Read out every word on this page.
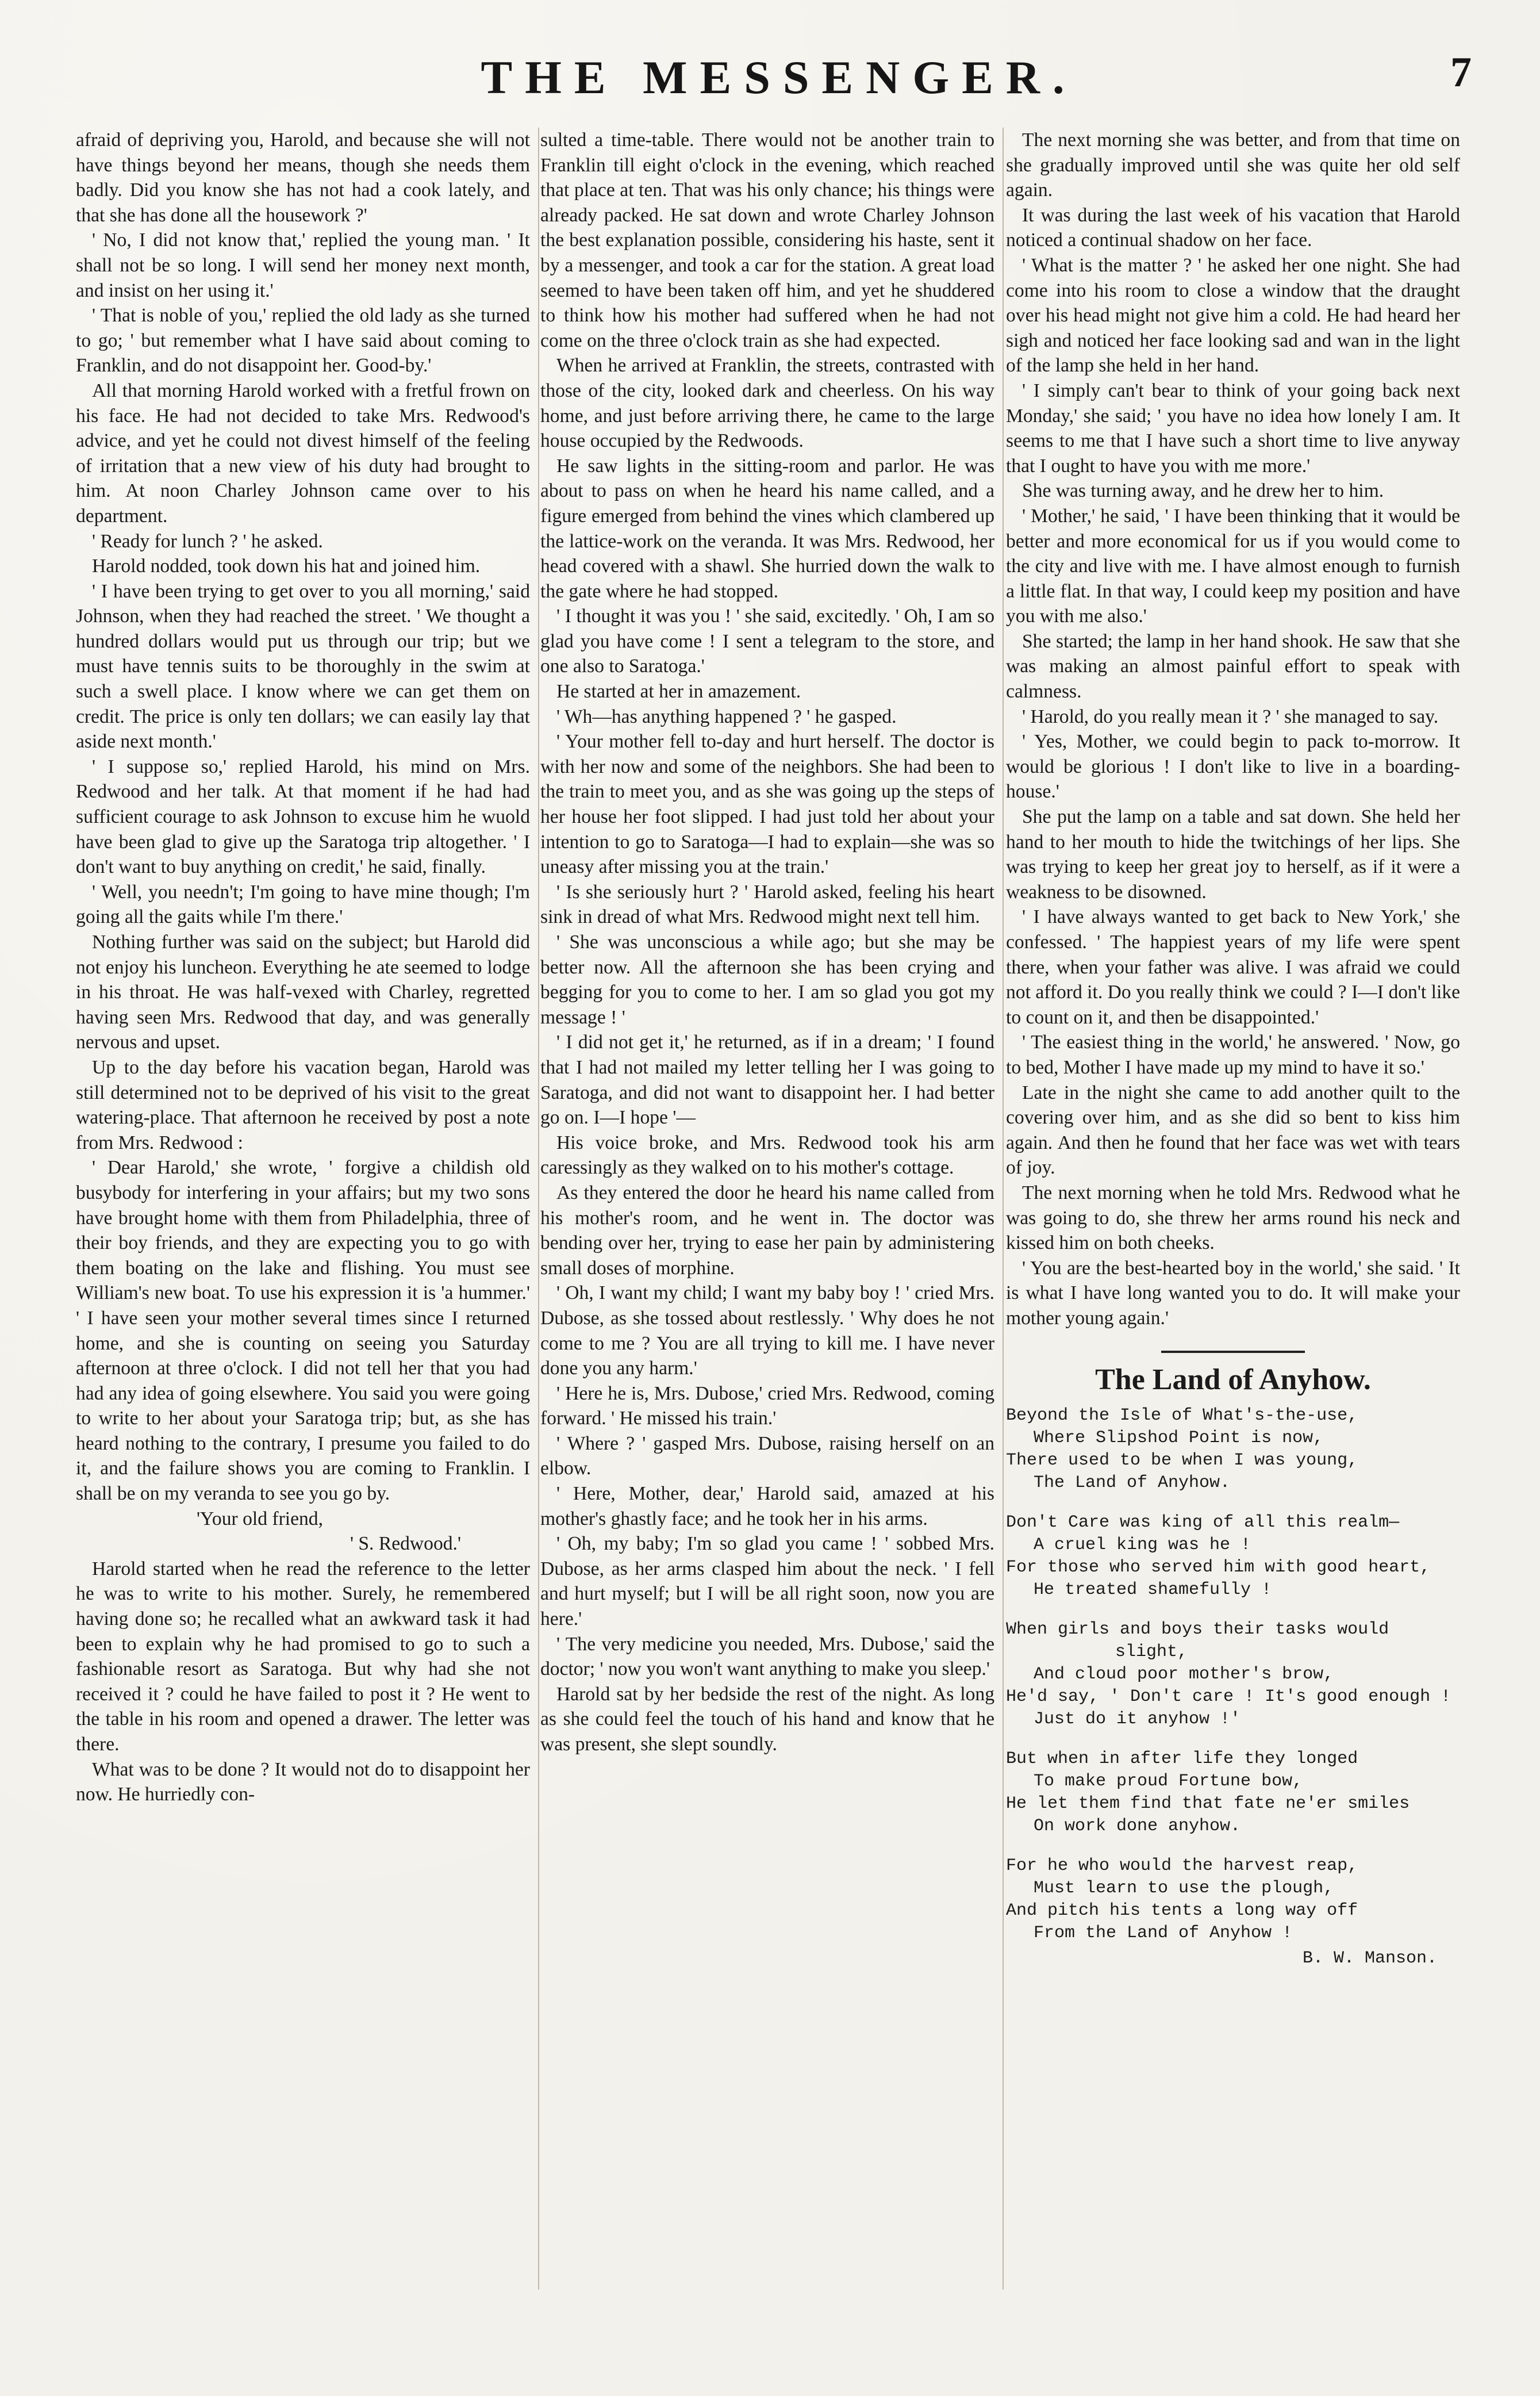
THE MESSENGER.	7

afraid of depriving you, Harold, and because she will not have things beyond her means, though she needs them badly. Did you know she has not had a cook lately, and that she has done all the housework ?'

' No, I did not know that,' replied the young man. ' It shall not be so long. I will send her money next month, and insist on her using it.'

' That is noble of you,' replied the old lady as she turned to go; ' but remember what I have said about coming to Franklin, and do not disappoint her. Good-by.'

All that morning Harold worked with a fretful frown on his face. He had not decided to take Mrs. Redwood's advice, and yet he could not divest himself of the feeling of irritation that a new view of his duty had brought to him. At noon Charley Johnson came over to his department.

' Ready for lunch ? ' he asked.

Harold nodded, took down his hat and joined him.

' I have been trying to get over to you all morning,' said Johnson, when they had reached the street. ' We thought a hundred dollars would put us through our trip; but we must have tennis suits to be thoroughly in the swim at such a swell place. I know where we can get them on credit. The price is only ten dollars; we can easily lay that aside next month.'

' I suppose so,' replied Harold, his mind on Mrs. Redwood and her talk. At that moment if he had had sufficient courage to ask Johnson to excuse him he wuold have been glad to give up the Saratoga trip altogether. ' I don't want to buy anything on credit,' he said, finally.

' Well, you needn't; I'm going to have mine though; I'm going all the gaits while I'm there.'

Nothing further was said on the subject; but Harold did not enjoy his luncheon. Everything he ate seemed to lodge in his throat. He was half-vexed with Charley, regretted having seen Mrs. Redwood that day, and was generally nervous and upset.

Up to the day before his vacation began, Harold was still determined not to be deprived of his visit to the great watering-place. That afternoon he received by post a note from Mrs. Redwood :

' Dear Harold,' she wrote, ' forgive a childish old busybody for interfering in your affairs; but my two sons have brought home with them from Philadelphia, three of their boy friends, and they are expecting you to go with them boating on the lake and flishing. You must see William's new boat. To use his expression it is 'a hummer.' ' I have seen your mother several times since I returned home, and she is counting on seeing you Saturday afternoon at three o'clock. I did not tell her that you had had any idea of going elsewhere. You said you were going to write to her about your Saratoga trip; but, as she has heard nothing to the contrary, I presume you failed to do it, and the failure shows you are coming to Franklin. I shall be on my veranda to see you go by.

'Your old friend,

' S. Redwood.'

Harold started when he read the reference to the letter he was to write to his mother. Surely, he remembered having done so; he recalled what an awkward task it had been to explain why he had promised to go to such a fashionable resort as Saratoga. But why had she not received it ? could he have failed to post it ? He went to the table in his room and opened a drawer. The letter was there.

What was to be done ? It would not do to disappoint her now. He hurriedly con-

sulted a time-table. There would not be another train to Franklin till eight o'clock in the evening, which reached that place at ten. That was his only chance; his things were already packed. He sat down and wrote Charley Johnson the best explanation possible, considering his haste, sent it by a messenger, and took a car for the station. A great load seemed to have been taken off him, and yet he shuddered to think how his mother had suffered when he had not come on the three o'clock train as she had expected.

When he arrived at Franklin, the streets, contrasted with those of the city, looked dark and cheerless. On his way home, and just before arriving there, he came to the large house occupied by the Redwoods.

He saw lights in the sitting-room and parlor. He was about to pass on when he heard his name called, and a figure emerged from behind the vines which clambered up the lattice-work on the veranda. It was Mrs. Redwood, her head covered with a shawl. She hurried down the walk to the gate where he had stopped.

' I thought it was you ! ' she said, excitedly. ' Oh, I am so glad you have come ! I sent a telegram to the store, and one also to Saratoga.'

He started at her in amazement.

' Wh—has anything happened ? ' he gasped.

' Your mother fell to-day and hurt herself. The doctor is with her now and some of the neighbors. She had been to the train to meet you, and as she was going up the steps of her house her foot slipped. I had just told her about your intention to go to Saratoga—I had to explain—she was so uneasy after missing you at the train.'

' Is she seriously hurt ? ' Harold asked, feeling his heart sink in dread of what Mrs. Redwood might next tell him.

' She was unconscious a while ago; but she may be better now. All the afternoon she has been crying and begging for you to come to her. I am so glad you got my message ! '

' I did not get it,' he returned, as if in a dream; ' I found that I had not mailed my letter telling her I was going to Saratoga, and did not want to disappoint her. I had better go on. I—I hope '—

His voice broke, and Mrs. Redwood took his arm caressingly as they walked on to his mother's cottage.

As they entered the door he heard his name called from his mother's room, and he went in. The doctor was bending over her, trying to ease her pain by administering small doses of morphine.

' Oh, I want my child; I want my baby boy ! ' cried Mrs. Dubose, as she tossed about restlessly. ' Why does he not come to me ? You are all trying to kill me. I have never done you any harm.'

' Here he is, Mrs. Dubose,' cried Mrs. Redwood, coming forward. ' He missed his train.'

' Where ? ' gasped Mrs. Dubose, raising herself on an elbow.

' Here, Mother, dear,' Harold said, amazed at his mother's ghastly face; and he took her in his arms.

' Oh, my baby; I'm so glad you came ! ' sobbed Mrs. Dubose, as her arms clasped him about the neck. ' I fell and hurt myself; but I will be all right soon, now you are here.'

' The very medicine you needed, Mrs. Dubose,' said the doctor; ' now you won't want anything to make you sleep.'

Harold sat by her bedside the rest of the night. As long as she could feel the touch of his hand and know that he was present, she slept soundly.

The next morning she was better, and from that time on she gradually improved until she was quite her old self again.

It was during the last week of his vacation that Harold noticed a continual shadow on her face.

' What is the matter ? ' he asked her one night. She had come into his room to close a window that the draught over his head might not give him a cold. He had heard her sigh and noticed her face looking sad and wan in the light of the lamp she held in her hand.

' I simply can't bear to think of your going back next Monday,' she said; ' you have no idea how lonely I am. It seems to me that I have such a short time to live anyway that I ought to have you with me more.'

She was turning away, and he drew her to him.

' Mother,' he said, ' I have been thinking that it would be better and more economical for us if you would come to the city and live with me. I have almost enough to furnish a little flat. In that way, I could keep my position and have you with me also.'

She started; the lamp in her hand shook. He saw that she was making an almost painful effort to speak with calmness.

' Harold, do you really mean it ? ' she managed to say.

' Yes, Mother, we could begin to pack to-morrow. It would be glorious ! I don't like to live in a boarding-house.'

She put the lamp on a table and sat down. She held her hand to her mouth to hide the twitchings of her lips. She was trying to keep her great joy to herself, as if it were a weakness to be disowned.

' I have always wanted to get back to New York,' she confessed. ' The happiest years of my life were spent there, when your father was alive. I was afraid we could not afford it. Do you really think we could ? I—I don't like to count on it, and then be disappointed.'

' The easiest thing in the world,' he answered. ' Now, go to bed, Mother I have made up my mind to have it so.'

Late in the night she came to add another quilt to the covering over him, and as she did so bent to kiss him again. And then he found that her face was wet with tears of joy.

The next morning when he told Mrs. Redwood what he was going to do, she threw her arms round his neck and kissed him on both cheeks.

' You are the best-hearted boy in the world,' she said. ' It is what I have long wanted you to do. It will make your mother young again.'

The Land of Anyhow.
Beyond the Isle of What's-the-use,
Where Slipshod Point is now,
There used to be when I was young,
The Land of Anyhow.
Don't Care was king of all this realm—
A cruel king was he !
For those who served him with good heart,
He treated shamefully !
When girls and boys their tasks would
slight,
And cloud poor mother's brow,
He'd say, ' Don't care ! It's good enough !
Just do it anyhow !'
But when in after life they longed
To make proud Fortune bow,
He let them find that fate ne'er smiles
On work done anyhow.
For he who would the harvest reap,
Must learn to use the plough,
And pitch his tents a long way off
From the Land of Anyhow !
B. W. Manson.
